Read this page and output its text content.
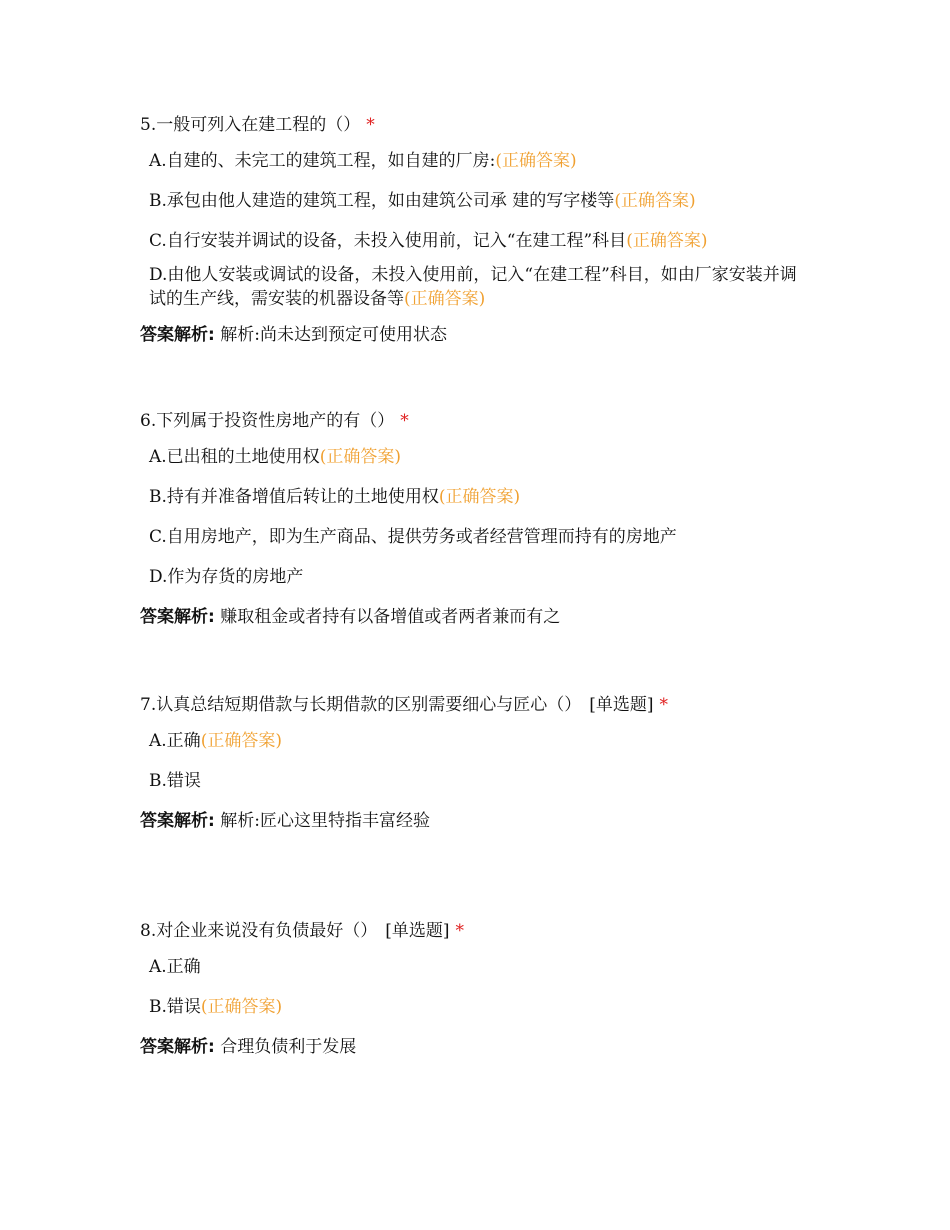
5.一般可列入在建工程的（） *
A.自建的、未完工的建筑工程，如自建的厂房:(正确答案)
B.承包由他人建造的建筑工程，如由建筑公司承 建的写字楼等(正确答案)
C.自行安装并调试的设备，未投入使用前，记入“在建工程”科目(正确答案)
D.由他人安装或调试的设备，未投入使用前，记入“在建工程”科目，如由厂家安装并调试的生产线，需安装的机器设备等(正确答案)
答案解析: 解析:尚未达到预定可使用状态
6.下列属于投资性房地产的有（） *
A.已出租的土地使用权(正确答案)
B.持有并准备增值后转让的土地使用权(正确答案)
C.自用房地产，即为生产商品、提供劳务或者经营管理而持有的房地产
D.作为存货的房地产
答案解析: 赚取租金或者持有以备增值或者两者兼而有之
7.认真总结短期借款与长期借款的区别需要细心与匠心（） [单选题] *
A.正确(正确答案)
B.错误
答案解析: 解析:匠心这里特指丰富经验
8.对企业来说没有负债最好（） [单选题] *
A.正确
B.错误(正确答案)
答案解析: 合理负债利于发展
